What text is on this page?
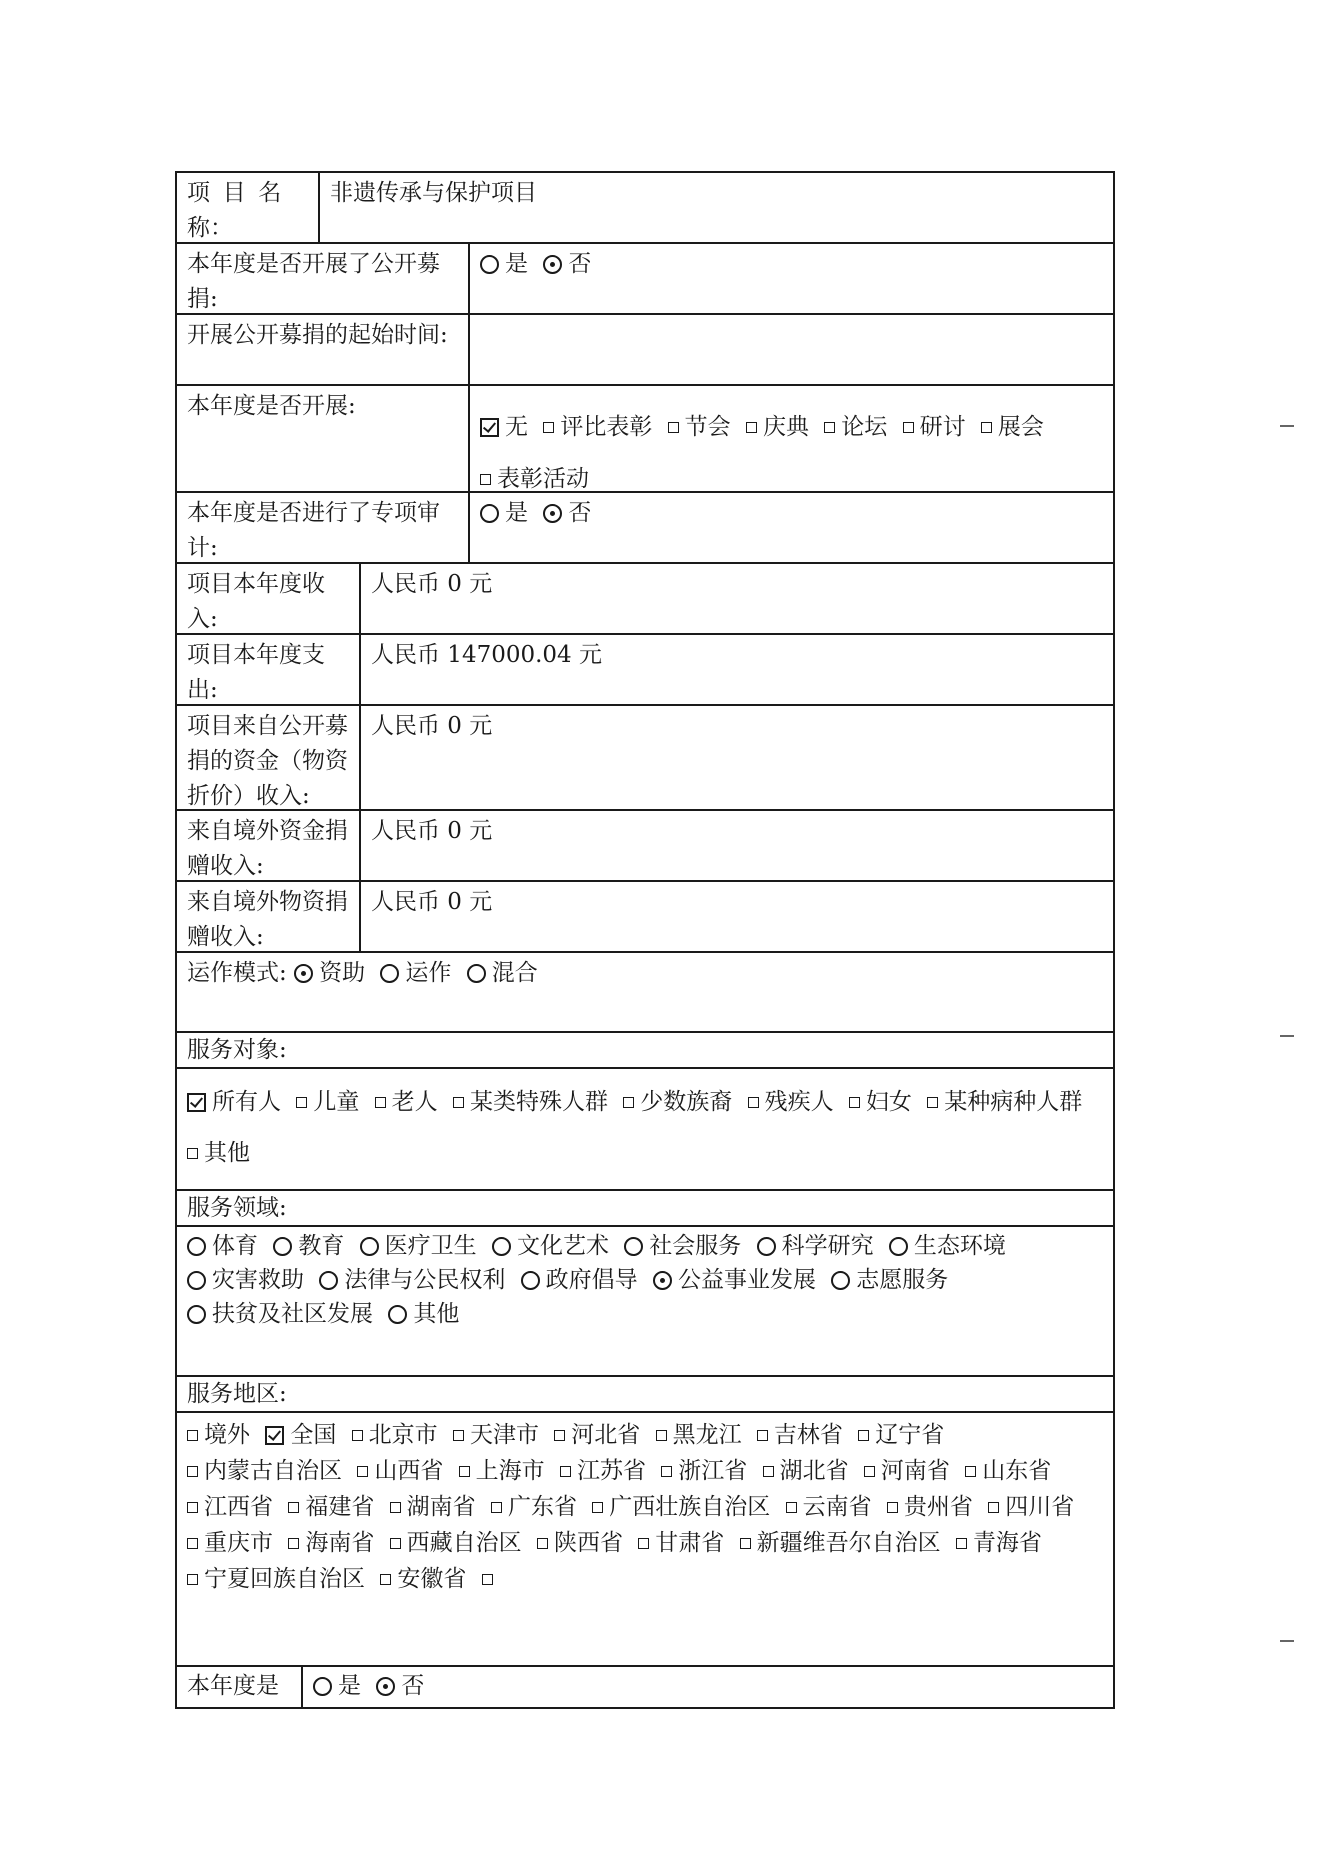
项目名
称：
非遗传承与保护项目
本年度是否开展了公开募捐:
是 否
开展公开募捐的起始时间:
本年度是否开展:
无 评比表彰 节会 庆典 论坛 研讨 展会 表彰活动
本年度是否进行了专项审计:
是 否
项目本年度收入:
人民币 0 元
项目本年度支出:
人民币 147000.04 元
项目来自公开募捐的资金（物资折价）收入:
人民币 0 元
来自境外资金捐赠收入:
人民币 0 元
来自境外物资捐赠收入:
人民币 0 元
运作模式: 资助 运作 混合
服务对象:
所有人 儿童 老人 某类特殊人群 少数族裔 残疾人 妇女 某种病种人群 其他
服务领域:
体育 教育 医疗卫生 文化艺术 社会服务 科学研究 生态环境 灾害救助 法律与公民权利 政府倡导 公益事业发展 志愿服务 扶贫及社区发展 其他
服务地区:
境外 全国 北京市 天津市 河北省 黑龙江 吉林省 辽宁省 内蒙古自治区 山西省 上海市 江苏省 浙江省 湖北省 河南省 山东省 江西省 福建省 湖南省 广东省 广西壮族自治区 云南省 贵州省 四川省 重庆市 海南省 西藏自治区 陕西省 甘肃省 新疆维吾尔自治区 青海省 宁夏回族自治区 安徽省
本年度是	是 否
